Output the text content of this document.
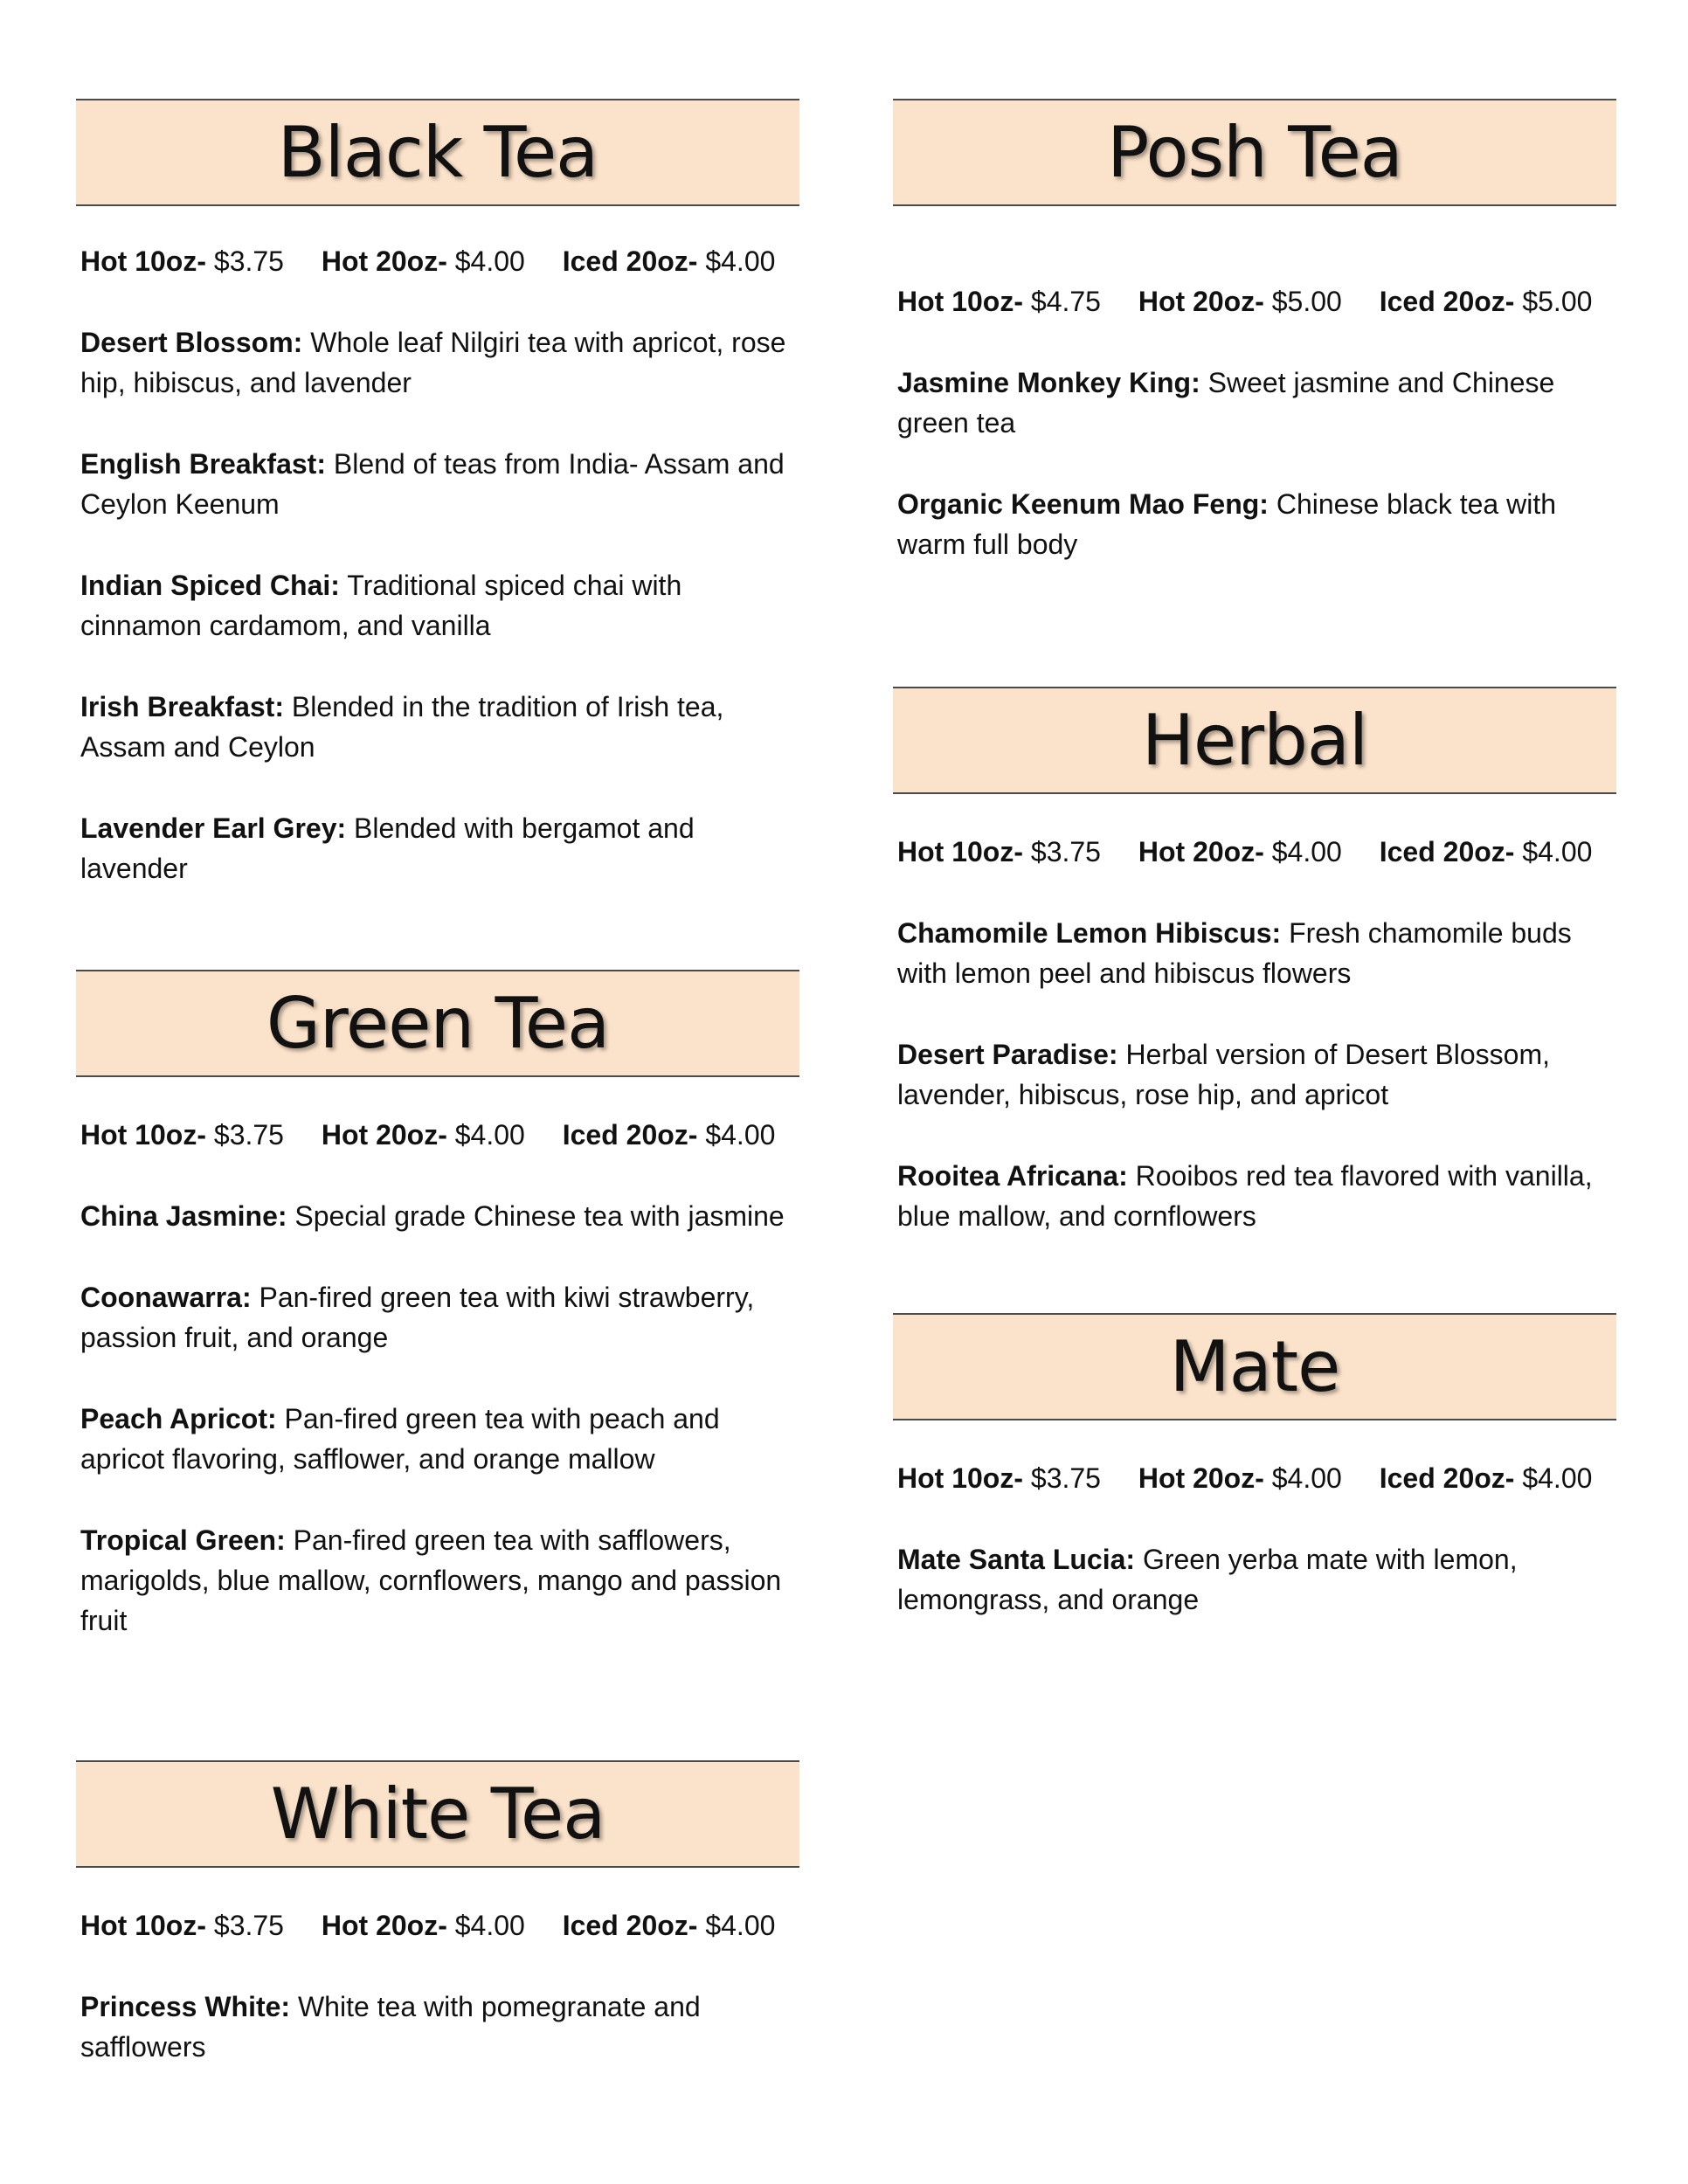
Black Tea
Hot 10oz- $3.75 Hot 20oz- $4.00 Iced 20oz- $4.00
Desert Blossom: Whole leaf Nilgiri tea with apricot, rose hip, hibiscus, and lavender
English Breakfast: Blend of teas from India- Assam and Ceylon Keenum
Indian Spiced Chai: Traditional spiced chai with cinnamon cardamom, and vanilla
Irish Breakfast: Blended in the tradition of Irish tea, Assam and Ceylon
Lavender Earl Grey: Blended with bergamot and lavender
Green Tea
Hot 10oz- $3.75 Hot 20oz- $4.00 Iced 20oz- $4.00
China Jasmine: Special grade Chinese tea with jasmine
Coonawarra: Pan-fired green tea with kiwi strawberry, passion fruit, and orange
Peach Apricot: Pan-fired green tea with peach and apricot flavoring, safflower, and orange mallow
Tropical Green: Pan-fired green tea with safflowers, marigolds, blue mallow, cornflowers, mango and passion fruit
White Tea
Hot 10oz- $3.75 Hot 20oz- $4.00 Iced 20oz- $4.00
Princess White: White tea with pomegranate and safflowers
Posh Tea
Hot 10oz- $4.75 Hot 20oz- $5.00 Iced 20oz- $5.00
Jasmine Monkey King: Sweet jasmine and Chinese green tea
Organic Keenum Mao Feng: Chinese black tea with warm full body
Herbal
Hot 10oz- $3.75 Hot 20oz- $4.00 Iced 20oz- $4.00
Chamomile Lemon Hibiscus: Fresh chamomile buds with lemon peel and hibiscus flowers
Desert Paradise: Herbal version of Desert Blossom, lavender, hibiscus, rose hip, and apricot
Rooitea Africana: Rooibos red tea flavored with vanilla, blue mallow, and cornflowers
Mate
Hot 10oz- $3.75 Hot 20oz- $4.00 Iced 20oz- $4.00
Mate Santa Lucia: Green yerba mate with lemon, lemongrass, and orange
